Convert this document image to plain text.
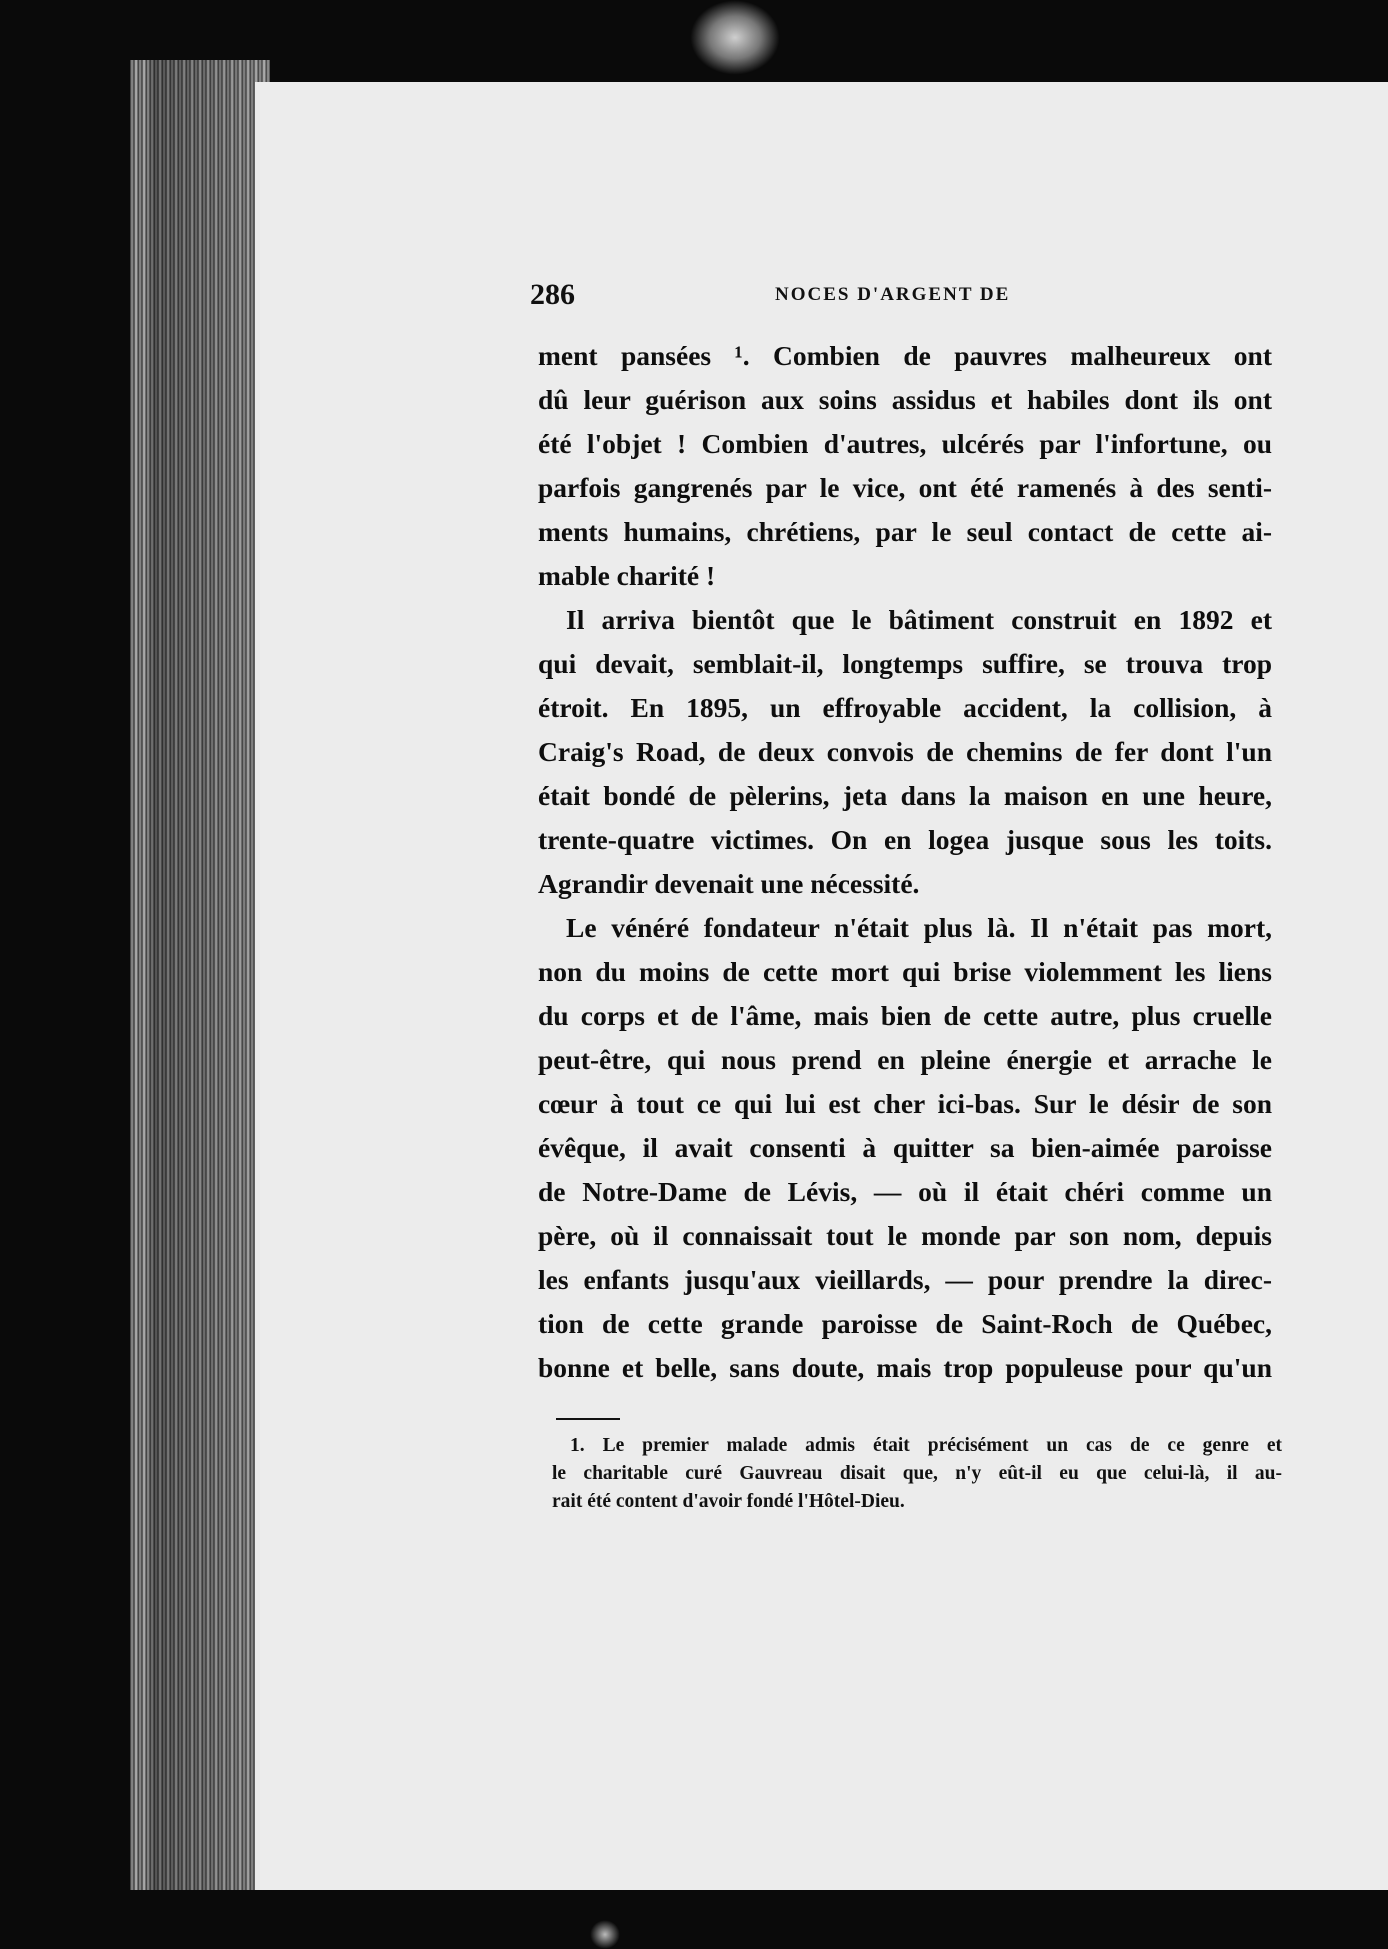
286	NOCES D'ARGENT DE
ment pansées ¹. Combien de pauvres malheureux ont
dû leur guérison aux soins assidus et habiles dont ils ont
été l'objet ! Combien d'autres, ulcérés par l'infortune, ou
parfois gangrenés par le vice, ont été ramenés à des senti-
ments humains, chrétiens, par le seul contact de cette ai-
mable charité !
Il arriva bientôt que le bâtiment construit en 1892 et
qui devait, semblait-il, longtemps suffire, se trouva trop
étroit. En 1895, un effroyable accident, la collision, à
Craig's Road, de deux convois de chemins de fer dont l'un
était bondé de pèlerins, jeta dans la maison en une heure,
trente-quatre victimes. On en logea jusque sous les toits.
Agrandir devenait une nécessité.
Le vénéré fondateur n'était plus là. Il n'était pas mort,
non du moins de cette mort qui brise violemment les liens
du corps et de l'âme, mais bien de cette autre, plus cruelle
peut-être, qui nous prend en pleine énergie et arrache le
cœur à tout ce qui lui est cher ici-bas. Sur le désir de son
évêque, il avait consenti à quitter sa bien-aimée paroisse
de Notre-Dame de Lévis, — où il était chéri comme un
père, où il connaissait tout le monde par son nom, depuis
les enfants jusqu'aux vieillards, — pour prendre la direc-
tion de cette grande paroisse de Saint-Roch de Québec,
bonne et belle, sans doute, mais trop populeuse pour qu'un
1. Le premier malade admis était précisément un cas de ce genre et
le charitable curé Gauvreau disait que, n'y eût-il eu que celui-là, il au-
rait été content d'avoir fondé l'Hôtel-Dieu.
